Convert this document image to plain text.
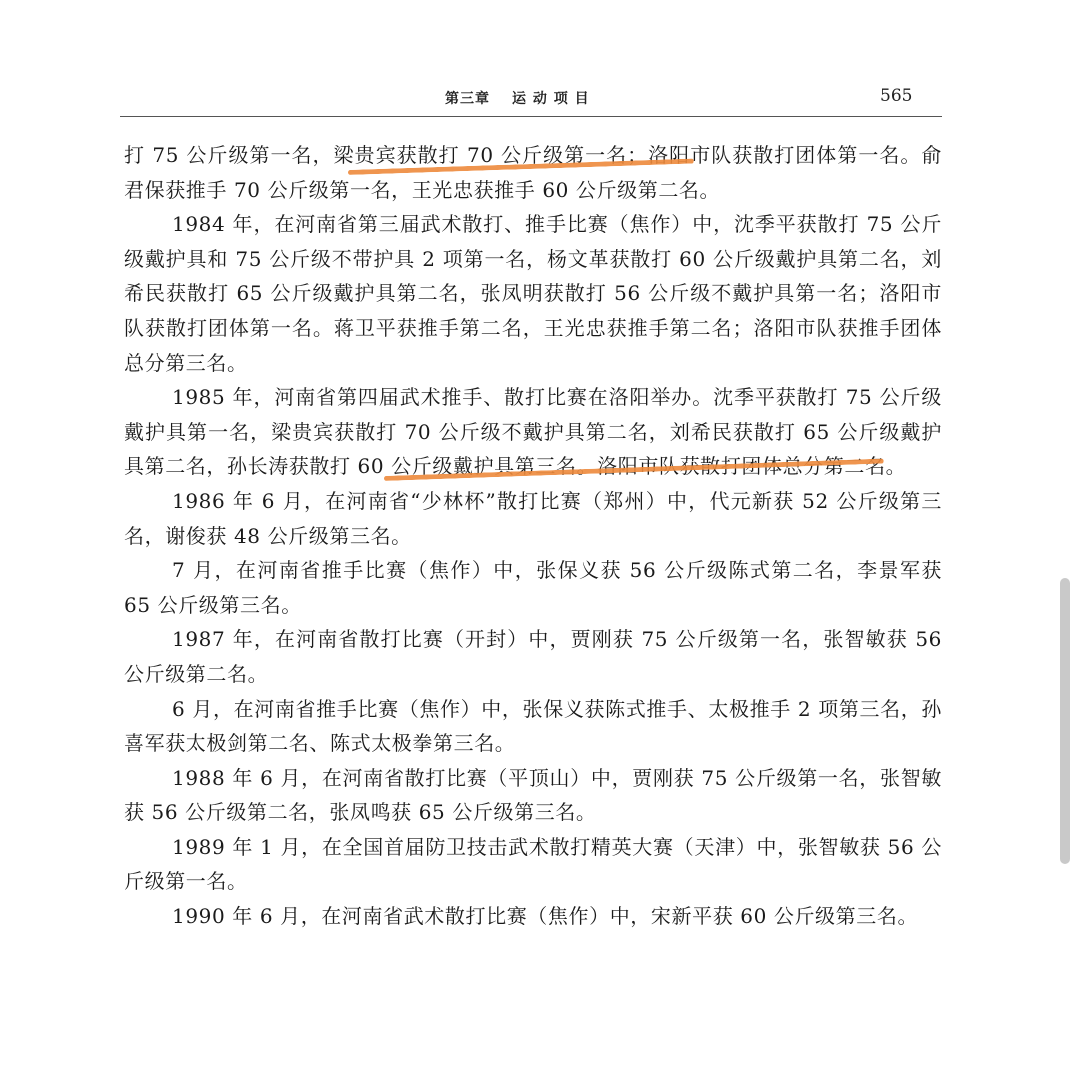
第三章 运 动 项 目	565

打 75 公斤级第一名，梁贵宾获散打 70 公斤级第一名；洛阳市队获散打团体第一名。俞君保获推手 70 公斤级第一名，王光忠获推手 60 公斤级第二名。

1984 年，在河南省第三届武术散打、推手比赛（焦作）中，沈季平获散打 75 公斤级戴护具和 75 公斤级不带护具 2 项第一名，杨文革获散打 60 公斤级戴护具第二名，刘希民获散打 65 公斤级戴护具第二名，张凤明获散打 56 公斤级不戴护具第一名；洛阳市队获散打团体第一名。蒋卫平获推手第二名，王光忠获推手第二名；洛阳市队获推手团体总分第三名。

1985 年，河南省第四届武术推手、散打比赛在洛阳举办。沈季平获散打 75 公斤级戴护具第一名，梁贵宾获散打 70 公斤级不戴护具第二名，刘希民获散打 65 公斤级戴护具第二名，孙长涛获散打 60 公斤级戴护具第三名。洛阳市队获散打团体总分第二名。

1986 年 6 月，在河南省“少林杯”散打比赛（郑州）中，代元新获 52 公斤级第三名，谢俊获 48 公斤级第三名。

7 月，在河南省推手比赛（焦作）中，张保义获 56 公斤级陈式第二名，李景军获 65 公斤级第三名。

1987 年，在河南省散打比赛（开封）中，贾刚获 75 公斤级第一名，张智敏获 56 公斤级第二名。

6 月，在河南省推手比赛（焦作）中，张保义获陈式推手、太极推手 2 项第三名，孙喜军获太极剑第二名、陈式太极拳第三名。

1988 年 6 月，在河南省散打比赛（平顶山）中，贾刚获 75 公斤级第一名，张智敏获 56 公斤级第二名，张凤鸣获 65 公斤级第三名。

1989 年 1 月，在全国首届防卫技击武术散打精英大赛（天津）中，张智敏获 56 公斤级第一名。

1990 年 6 月，在河南省武术散打比赛（焦作）中，宋新平获 60 公斤级第三名。
